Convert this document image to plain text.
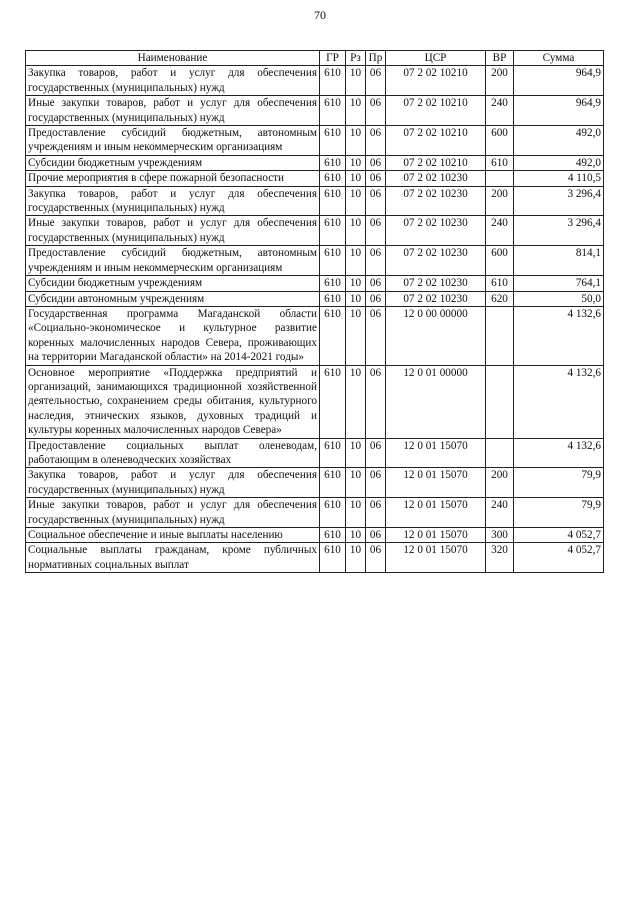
70
Наименование	ГР	Рз	Пр	ЦСР	ВР	Сумма
Закупка товаров, работ и услуг для обеспечения государственных (муниципальных) нужд	610	10	06	07 2 02 10210	200	964,9
Иные закупки товаров, работ и услуг для обеспечения государственных (муниципальных) нужд	610	10	06	07 2 02 10210	240	964,9
Предоставление субсидий бюджетным, автономным учреждениям и иным некоммерческим организациям	610	10	06	07 2 02 10210	600	492,0
Субсидии бюджетным учреждениям	610	10	06	07 2 02 10210	610	492,0
Прочие мероприятия в сфере пожарной безопасности	610	10	06	07 2 02 10230		4 110,5
Закупка товаров, работ и услуг для обеспечения государственных (муниципальных) нужд	610	10	06	07 2 02 10230	200	3 296,4
Иные закупки товаров, работ и услуг для обеспечения государственных (муниципальных) нужд	610	10	06	07 2 02 10230	240	3 296,4
Предоставление субсидий бюджетным, автономным учреждениям и иным некоммерческим организациям	610	10	06	07 2 02 10230	600	814,1
Субсидии бюджетным учреждениям	610	10	06	07 2 02 10230	610	764,1
Субсидии автономным учреждениям	610	10	06	07 2 02 10230	620	50,0
Государственная программа Магаданской области «Социально-экономическое и культурное развитие коренных малочисленных народов Севера, проживающих на территории Магаданской области» на 2014-2021 годы»	610	10	06	12 0 00 00000		4 132,6
Основное мероприятие «Поддержка предприятий и организаций, занимающихся традиционной хозяйственной деятельностью, сохранением среды обитания, культурного наследия, этнических языков, духовных традиций и культуры коренных малочисленных народов Севера»	610	10	06	12 0 01 00000		4 132,6
Предоставление социальных выплат оленеводам, работающим в оленеводческих хозяйствах	610	10	06	12 0 01 15070		4 132,6
Закупка товаров, работ и услуг для обеспечения государственных (муниципальных) нужд	610	10	06	12 0 01 15070	200	79,9
Иные закупки товаров, работ и услуг для обеспечения государственных (муниципальных) нужд	610	10	06	12 0 01 15070	240	79,9
Социальное обеспечение и иные выплаты населению	610	10	06	12 0 01 15070	300	4 052,7
Социальные выплаты гражданам, кроме публичных нормативных социальных выплат	610	10	06	12 0 01 15070	320	4 052,7
